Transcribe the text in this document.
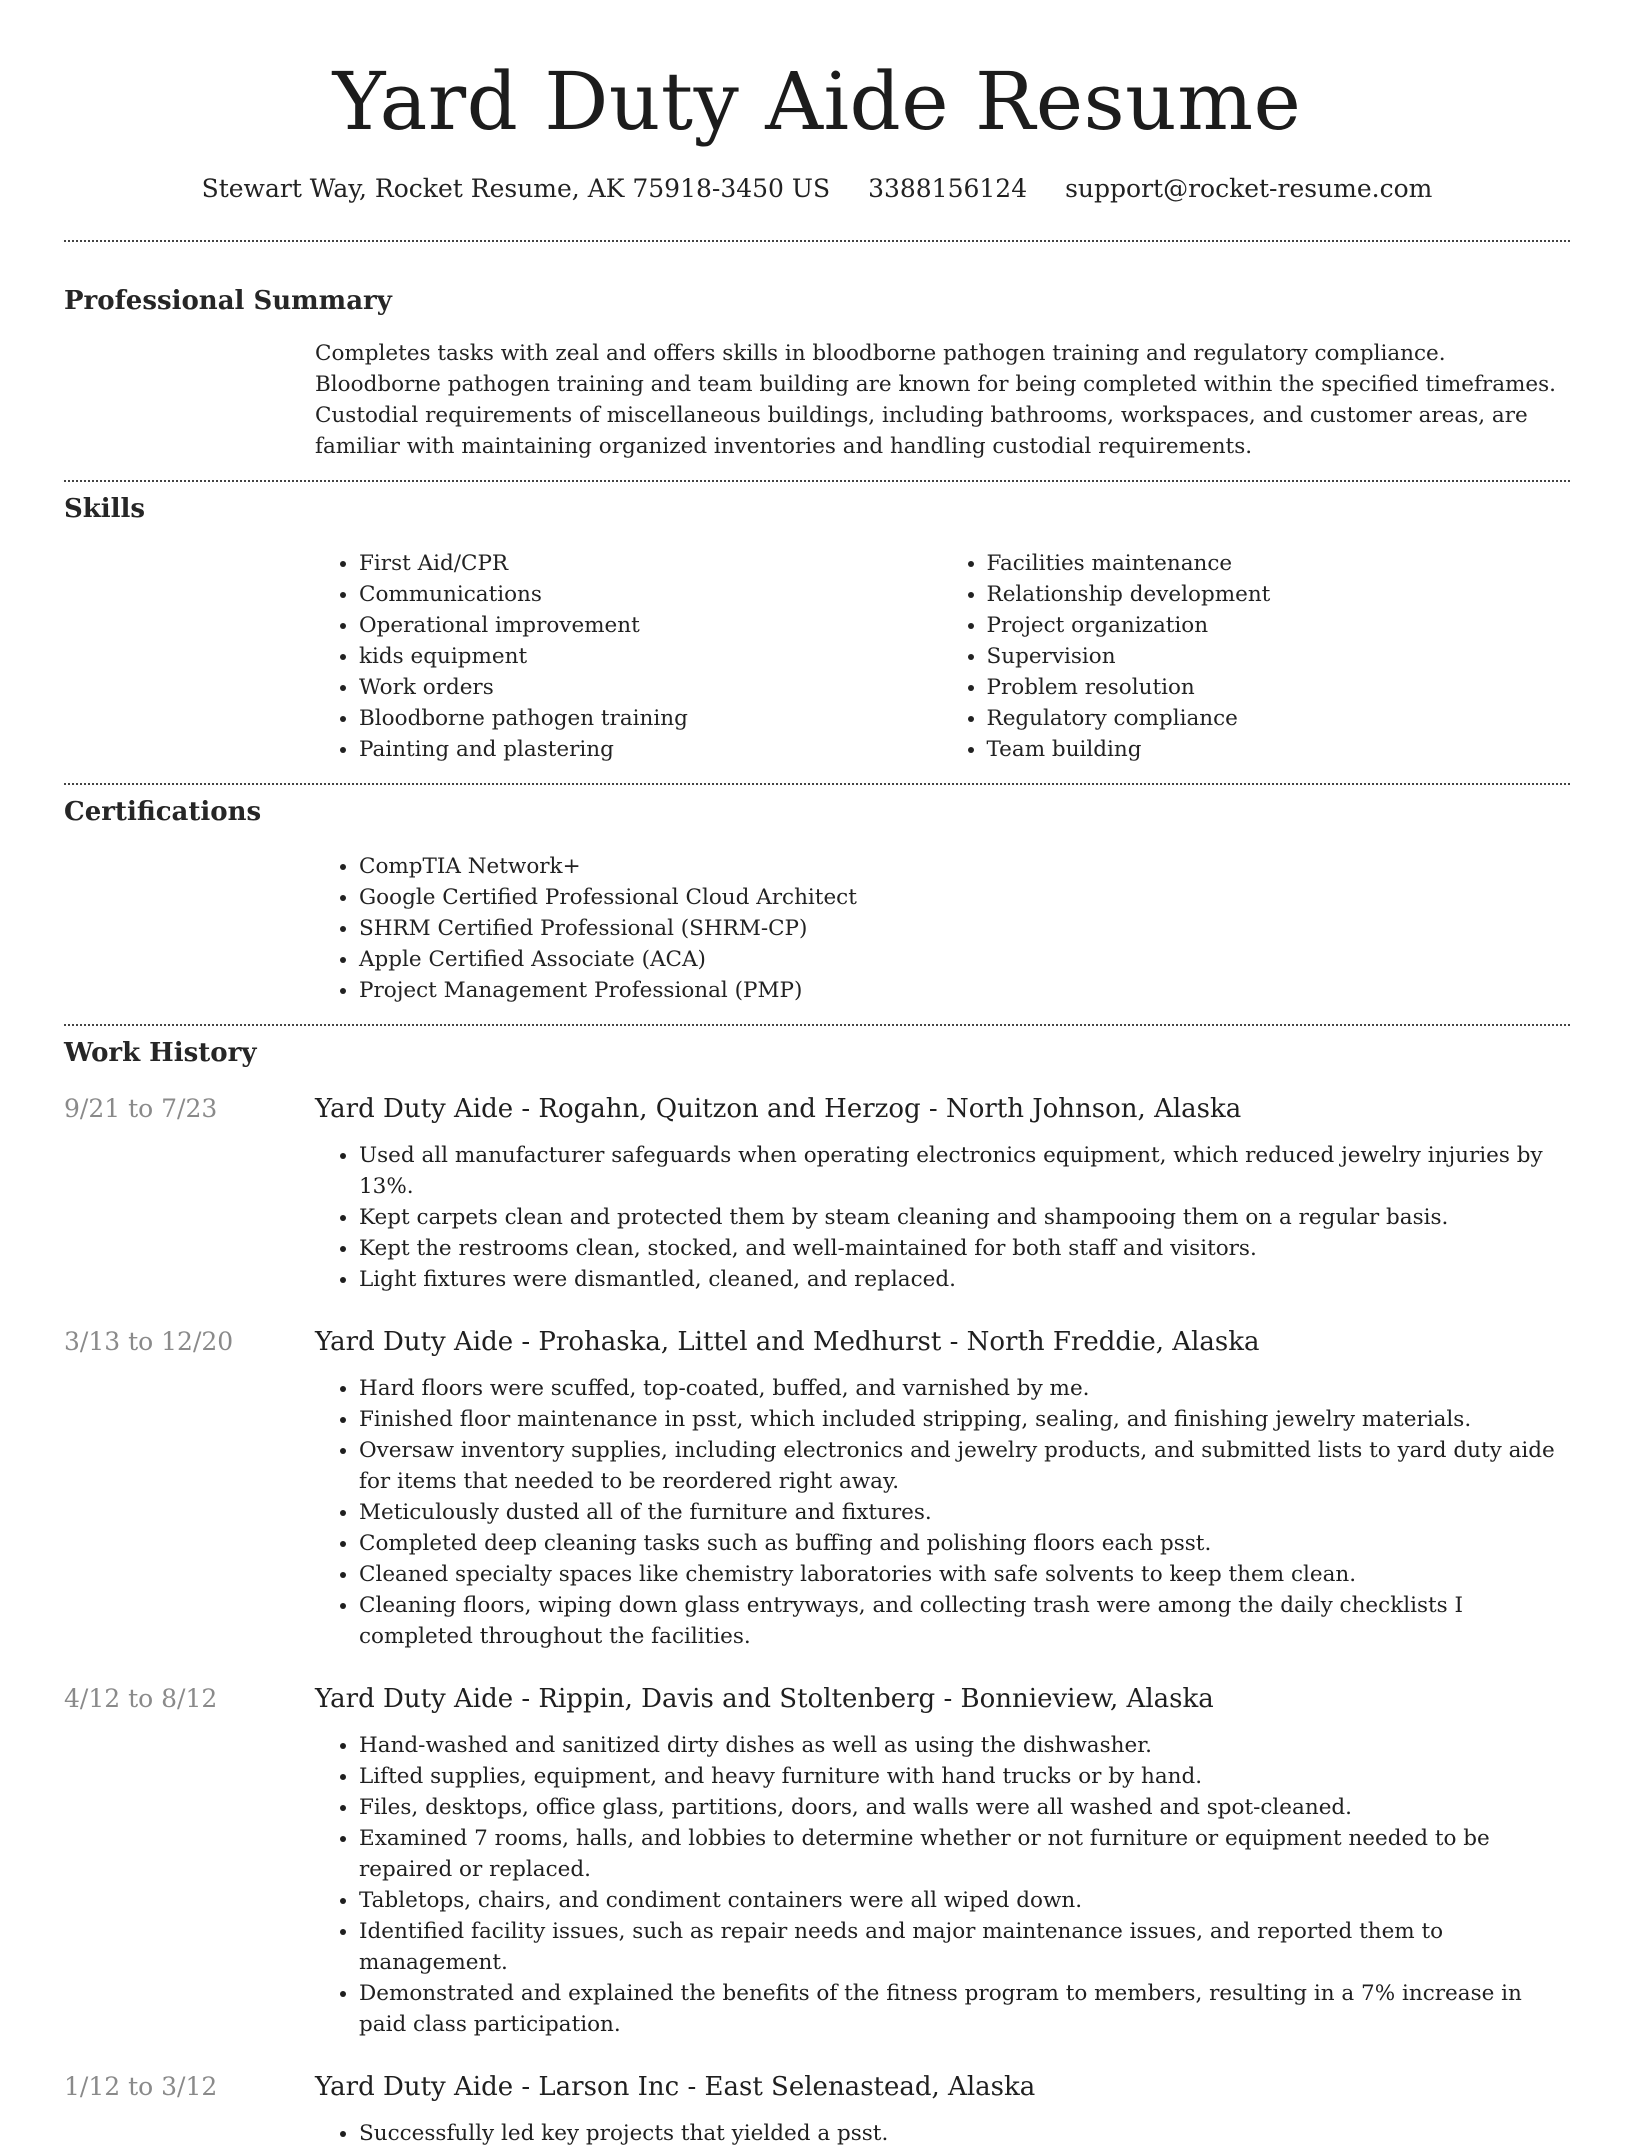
Yard Duty Aide Resume
Stewart Way, Rocket Resume, AK 75918-3450 US 3388156124 support@rocket-resume.com
Professional Summary

Completes tasks with zeal and offers skills in bloodborne pathogen training and regulatory compliance. Bloodborne pathogen training and team building are known for being completed within the specified timeframes. Custodial requirements of miscellaneous buildings, including bathrooms, workspaces, and customer areas, are familiar with maintaining organized inventories and handling custodial requirements.

Skills
• First Aid/CPR
• Communications
• Operational improvement
• kids equipment
• Work orders
• Bloodborne pathogen training
• Painting and plastering
• Facilities maintenance
• Relationship development
• Project organization
• Supervision
• Problem resolution
• Regulatory compliance
• Team building
Certifications
• CompTIA Network+
• Google Certified Professional Cloud Architect
• SHRM Certified Professional (SHRM-CP)
• Apple Certified Associate (ACA)
• Project Management Professional (PMP)
Work History
9/21 to 7/23	Yard Duty Aide - Rogahn, Quitzon and Herzog - North Johnson, Alaska
• Used all manufacturer safeguards when operating electronics equipment, which reduced jewelry injuries by 13%.
• Kept carpets clean and protected them by steam cleaning and shampooing them on a regular basis.
• Kept the restrooms clean, stocked, and well-maintained for both staff and visitors.
• Light fixtures were dismantled, cleaned, and replaced.
3/13 to 12/20	Yard Duty Aide - Prohaska, Littel and Medhurst - North Freddie, Alaska
• Hard floors were scuffed, top-coated, buffed, and varnished by me.
• Finished floor maintenance in psst, which included stripping, sealing, and finishing jewelry materials.
• Oversaw inventory supplies, including electronics and jewelry products, and submitted lists to yard duty aide for items that needed to be reordered right away.
• Meticulously dusted all of the furniture and fixtures.
• Completed deep cleaning tasks such as buffing and polishing floors each psst.
• Cleaned specialty spaces like chemistry laboratories with safe solvents to keep them clean.
• Cleaning floors, wiping down glass entryways, and collecting trash were among the daily checklists I completed throughout the facilities.
4/12 to 8/12	Yard Duty Aide - Rippin, Davis and Stoltenberg - Bonnieview, Alaska
• Hand-washed and sanitized dirty dishes as well as using the dishwasher.
• Lifted supplies, equipment, and heavy furniture with hand trucks or by hand.
• Files, desktops, office glass, partitions, doors, and walls were all washed and spot-cleaned.
• Examined 7 rooms, halls, and lobbies to determine whether or not furniture or equipment needed to be repaired or replaced.
• Tabletops, chairs, and condiment containers were all wiped down.
• Identified facility issues, such as repair needs and major maintenance issues, and reported them to management.
• Demonstrated and explained the benefits of the fitness program to members, resulting in a 7% increase in paid class participation.
1/12 to 3/12	Yard Duty Aide - Larson Inc - East Selenastead, Alaska
• Successfully led key projects that yielded a psst.
